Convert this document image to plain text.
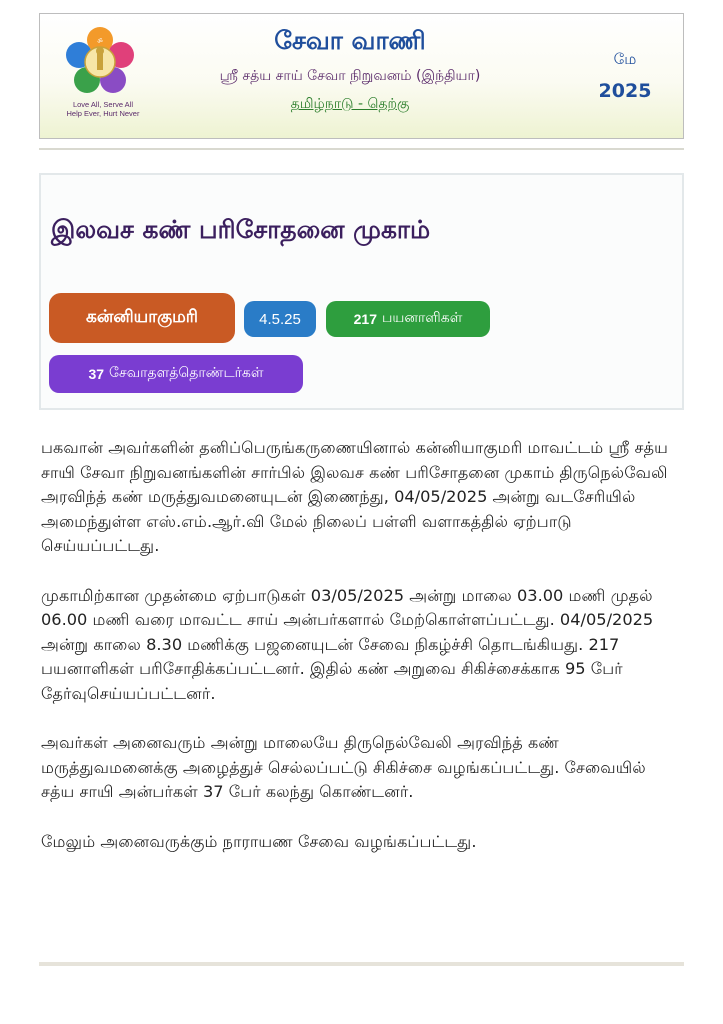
ॐ
Love All, Serve All
Help Ever, Hurt Never
சேவா வாணி
ஸ்ரீ சத்ய சாய் சேவா நிறுவனம் (இந்தியா)
தமிழ்நாடு - தெற்கு
மே
2025
இலவச கண் பரிசோதனை முகாம்
கன்னியாகுமரி	4.5.25	217 பயனாளிகள்
37 சேவாதளத்தொண்டர்கள்

பகவான் அவர்களின் தனிப்பெருங்கருணையினால் கன்னியாகுமரி மாவட்டம் ஸ்ரீ சத்ய சாயி சேவா நிறுவனங்களின் சார்பில் இலவச கண் பரிசோதனை முகாம் திருநெல்வேலி அரவிந்த் கண் மருத்துவமனையுடன் இணைந்து, 04/05/2025 அன்று வடசேரியில் அமைந்துள்ள எஸ்.எம்.ஆர்.வி மேல் நிலைப் பள்ளி வளாகத்தில் ஏற்பாடு செய்யப்பட்டது.

முகாமிற்கான முதன்மை ஏற்பாடுகள் 03/05/2025 அன்று மாலை 03.00 மணி முதல் 06.00 மணி வரை மாவட்ட சாய் அன்பர்களால் மேற்கொள்ளப்பட்டது. 04/05/2025 அன்று காலை 8.30 மணிக்கு பஜனையுடன் சேவை நிகழ்ச்சி தொடங்கியது. 217 பயனாளிகள் பரிசோதிக்கப்பட்டனர். இதில் கண் அறுவை சிகிச்சைக்காக 95 பேர் தேர்வுசெய்யப்பட்டனர்.

அவர்கள் அனைவரும் அன்று மாலையே திருநெல்வேலி அரவிந்த் கண் மருத்துவமனைக்கு அழைத்துச் செல்லப்பட்டு சிகிச்சை வழங்கப்பட்டது. சேவையில் சத்ய சாயி அன்பர்கள் 37 பேர் கலந்து கொண்டனர்.

மேலும் அனைவருக்கும் நாராயண சேவை வழங்கப்பட்டது.
